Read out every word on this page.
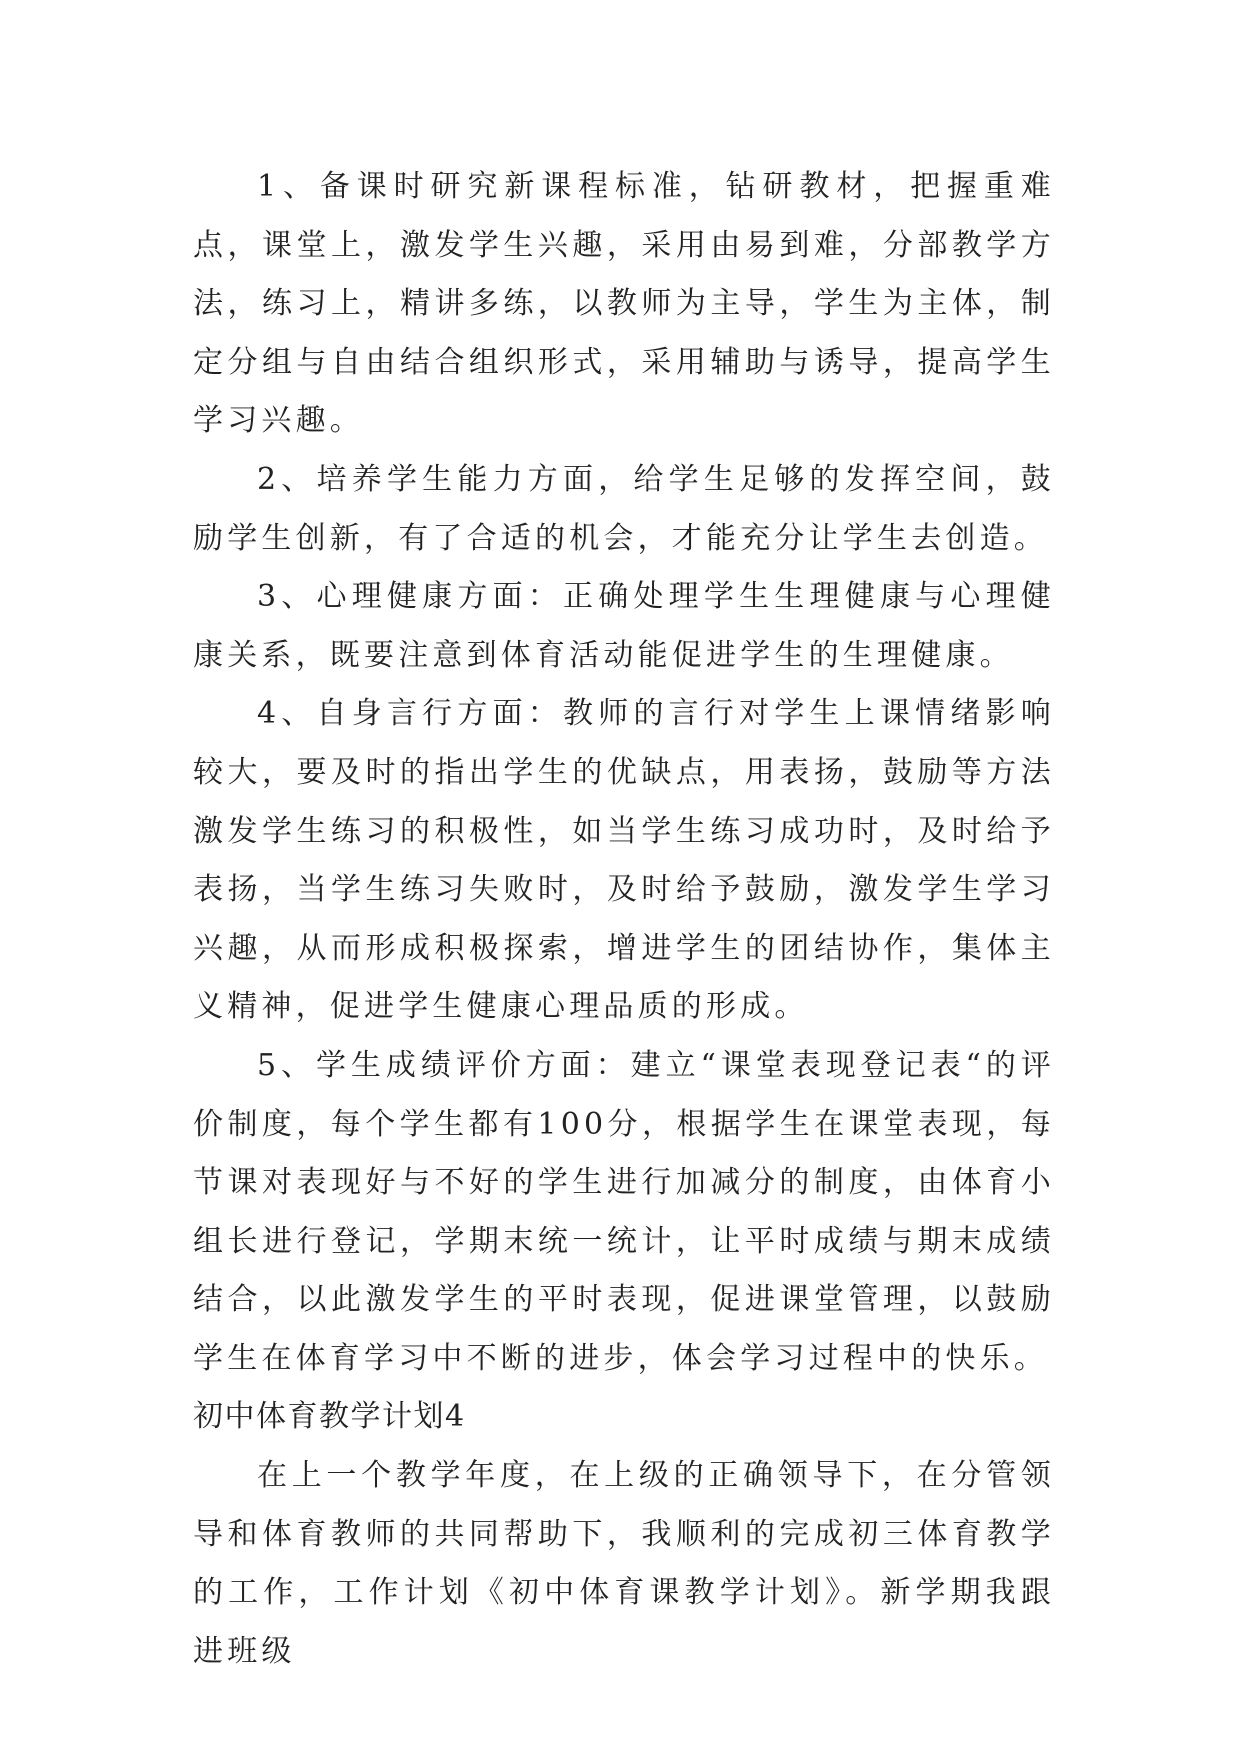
1、备课时研究新课程标准，钻研教材，把握重难点，课堂上，激发学生兴趣，采用由易到难，分部教学方法，练习上，精讲多练，以教师为主导，学生为主体，制定分组与自由结合组织形式，采用辅助与诱导，提高学生学习兴趣。

2、培养学生能力方面，给学生足够的发挥空间，鼓励学生创新，有了合适的机会，才能充分让学生去创造。

3、心理健康方面：正确处理学生生理健康与心理健康关系，既要注意到体育活动能促进学生的生理健康。

4、自身言行方面：教师的言行对学生上课情绪影响较大，要及时的指出学生的优缺点，用表扬，鼓励等方法激发学生练习的积极性，如当学生练习成功时，及时给予表扬，当学生练习失败时，及时给予鼓励，激发学生学习兴趣，从而形成积极探索，增进学生的团结协作，集体主义精神，促进学生健康心理品质的形成。

5、学生成绩评价方面：建立“课堂表现登记表“的评价制度，每个学生都有100分，根据学生在课堂表现，每节课对表现好与不好的学生进行加减分的制度，由体育小组长进行登记，学期末统一统计，让平时成绩与期末成绩结合，以此激发学生的平时表现，促进课堂管理，以鼓励学生在体育学习中不断的进步，体会学习过程中的快乐。

初中体育教学计划4

在上一个教学年度，在上级的正确领导下，在分管领导和体育教师的共同帮助下，我顺利的完成初三体育教学的工作，工作计划《初中体育课教学计划》。新学期我跟进班级
